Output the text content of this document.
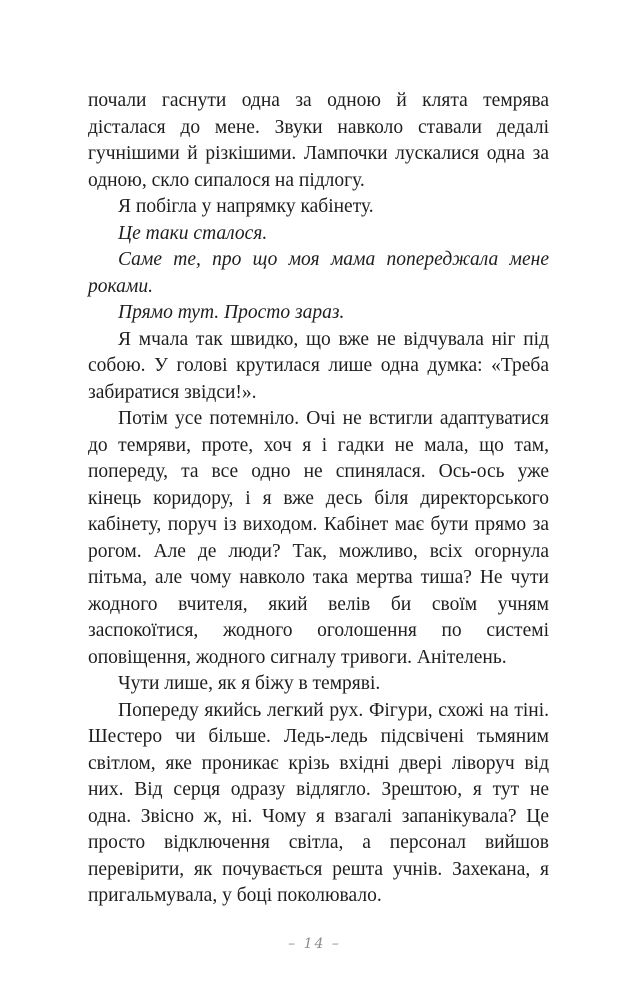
почали гаснути одна за одною й клята темрява дісталася до мене. Звуки навколо ставали дедалі гучнішими й різкішими. Лампочки лускалися одна за одною, скло сипалося на підлогу.

Я побігла у напрямку кабінету.

Це таки сталося.

Саме те, про що моя мама попереджала мене роками.

Прямо тут. Просто зараз.

Я мчала так швидко, що вже не відчувала ніг під собою. У голові крутилася лише одна думка: «Треба забиратися звідси!».

Потім усе потемніло. Очі не встигли адаптуватися до темряви, проте, хоч я і гадки не мала, що там, попереду, та все одно не спинялася. Ось-ось уже кінець коридору, і я вже десь біля директорського кабінету, поруч із виходом. Кабінет має бути прямо за рогом. Але де люди? Так, можливо, всіх огорнула пітьма, але чому навколо така мертва тиша? Не чути жодного вчителя, який велів би своїм учням заспокоїтися, жодного оголошення по системі оповіщення, жодного сигналу тривоги. Анітелень.

Чути лише, як я біжу в темряві.

Попереду якийсь легкий рух. Фігури, схожі на тіні. Шестеро чи більше. Ледь-ледь підсвічені тьмяним світлом, яке проникає крізь вхідні двері ліворуч від них. Від серця одразу відлягло. Зрештою, я тут не одна. Звісно ж, ні. Чому я взагалі запанікувала? Це просто відключення світла, а персонал вийшов перевірити, як почувається решта учнів. Захекана, я пригальмувала, у боці поколювало.

– 14 –
